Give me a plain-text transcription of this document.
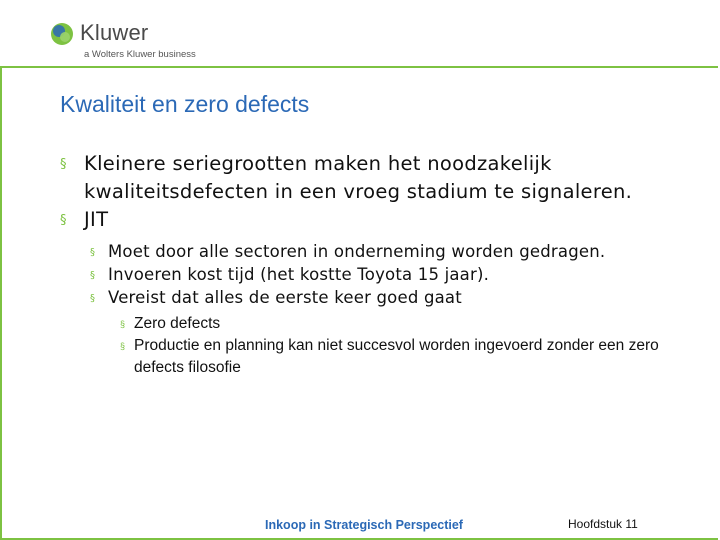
Kluwer
a Wolters Kluwer business
Kwaliteit en zero defects
§ Kleinere seriegrootten maken het noodzakelijk kwaliteitsdefecten in een vroeg stadium te signaleren.
§ JIT
§ Moet door alle sectoren in onderneming worden gedragen.
§ Invoeren kost tijd (het kostte Toyota 15 jaar).
§ Vereist dat alles de eerste keer goed gaat
§ Zero defects
§ Productie en planning kan niet succesvol worden ingevoerd zonder een zero defects filosofie
Inkoop in Strategisch Perspectief	Hoofdstuk 11
